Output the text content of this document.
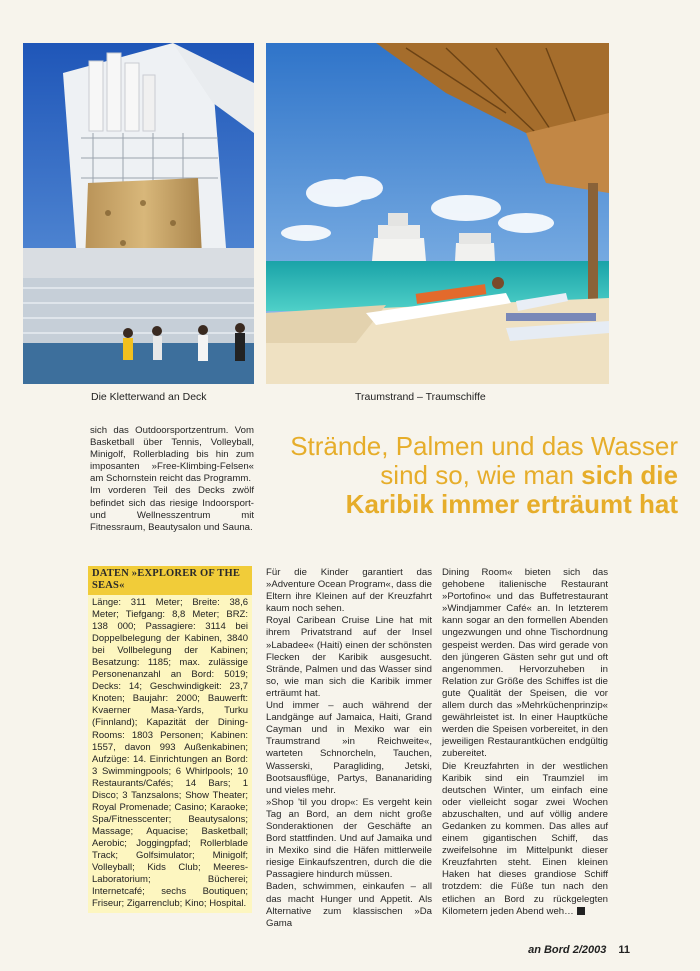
Die Kletterwand an Deck	Traumstrand – Traumschiffe

sich das Outdoorsportzentrum. Vom Basketball über Tennis, Volleyball, Minigolf, Rollerblading bis hin zum imposanten »Free-Klimbing-Felsen« am Schornstein reicht das Programm.

Im vorderen Teil des Decks zwölf befindet sich das riesige Indoorsport- und Wellnesszentrum mit Fitnessraum, Beautysalon und Sauna.

Strände, Palmen und das Wasser
sind so, wie man sich die
Karibik immer erträumt hat
DATEN »EXPLORER OF THE SEAS«
Länge: 311 Meter; Breite: 38,6 Meter; Tiefgang: 8,8 Meter; BRZ: 138 000; Passagiere: 3114 bei Doppelbelegung der Kabinen, 3840 bei Vollbelegung der Kabinen; Besatzung: 1185; max. zulässige Personenanzahl an Bord: 5019; Decks: 14; Geschwindigkeit: 23,7 Knoten; Baujahr: 2000; Bauwerft: Kvaerner Masa-Yards, Turku (Finnland); Kapazität der Dining-Rooms: 1803 Personen; Kabinen: 1557, davon 993 Außenkabinen; Aufzüge: 14. Einrichtungen an Bord: 3 Swimmingpools; 6 Whirlpools; 10 Restaurants/Cafés; 14 Bars; 1 Disco; 3 Tanzsalons; Show Theater; Royal Promenade; Casino; Karaoke; Spa/Fitnesscenter; Beautysalons; Massage; Aquacise; Basketball; Aerobic; Joggingpfad; Rollerblade Track; Golfsimulator; Minigolf; Volleyball; Kids Club; Meeres-Laboratorium; Bücherei; Internetcafé; sechs Boutiquen; Friseur; Zigarrenclub; Kino; Hospital.

Für die Kinder garantiert das »Adventure Ocean Program«, dass die Eltern ihre Kleinen auf der Kreuzfahrt kaum noch sehen.

Royal Caribean Cruise Line hat mit ihrem Privatstrand auf der Insel »Labadee« (Haiti) einen der schönsten Flecken der Karibik ausgesucht. Strände, Palmen und das Wasser sind so, wie man sich die Karibik immer erträumt hat.

Und immer – auch während der Landgänge auf Jamaica, Haiti, Grand Cayman und in Mexiko war ein Traumstrand »in Reichweite«, warteten Schnorcheln, Tauchen, Wasserski, Paragliding, Jetski, Bootsausflüge, Partys, Bananariding und vieles mehr.

»Shop 'til you drop«: Es vergeht kein Tag an Bord, an dem nicht große Sonderaktionen der Geschäfte an Bord stattfinden. Und auf Jamaika und in Mexiko sind die Häfen mittlerweile riesige Einkaufszentren, durch die die Passagiere hindurch müssen.

Baden, schwimmen, einkaufen – all das macht Hunger und Appetit. Als Alternative zum klassischen »Da Gama

Dining Room« bieten sich das gehobene italienische Restaurant »Portofino« und das Buffetrestaurant »Windjammer Café« an. In letzterem kann sogar an den formellen Abenden ungezwungen und ohne Tischordnung gespeist werden. Das wird gerade von den jüngeren Gästen sehr gut und oft angenommen. Hervorzuheben in Relation zur Größe des Schiffes ist die gute Qualität der Speisen, die vor allem durch das »Mehrküchenprinzip« gewährleistet ist. In einer Hauptküche werden die Speisen vorbereitet, in den jeweiligen Restaurantküchen endgültig zubereitet.

Die Kreuzfahrten in der westlichen Karibik sind ein Traumziel im deutschen Winter, um einfach eine oder vielleicht sogar zwei Wochen abzuschalten, und auf völlig andere Gedanken zu kommen. Das alles auf einem gigantischen Schiff, das zweifelsohne im Mittelpunkt dieser Kreuzfahrten steht. Einen kleinen Haken hat dieses grandiose Schiff trotzdem: die Füße tun nach den etlichen an Bord zu rückgelegten Kilometern jeden Abend weh…

an Bord 2/2003 11
